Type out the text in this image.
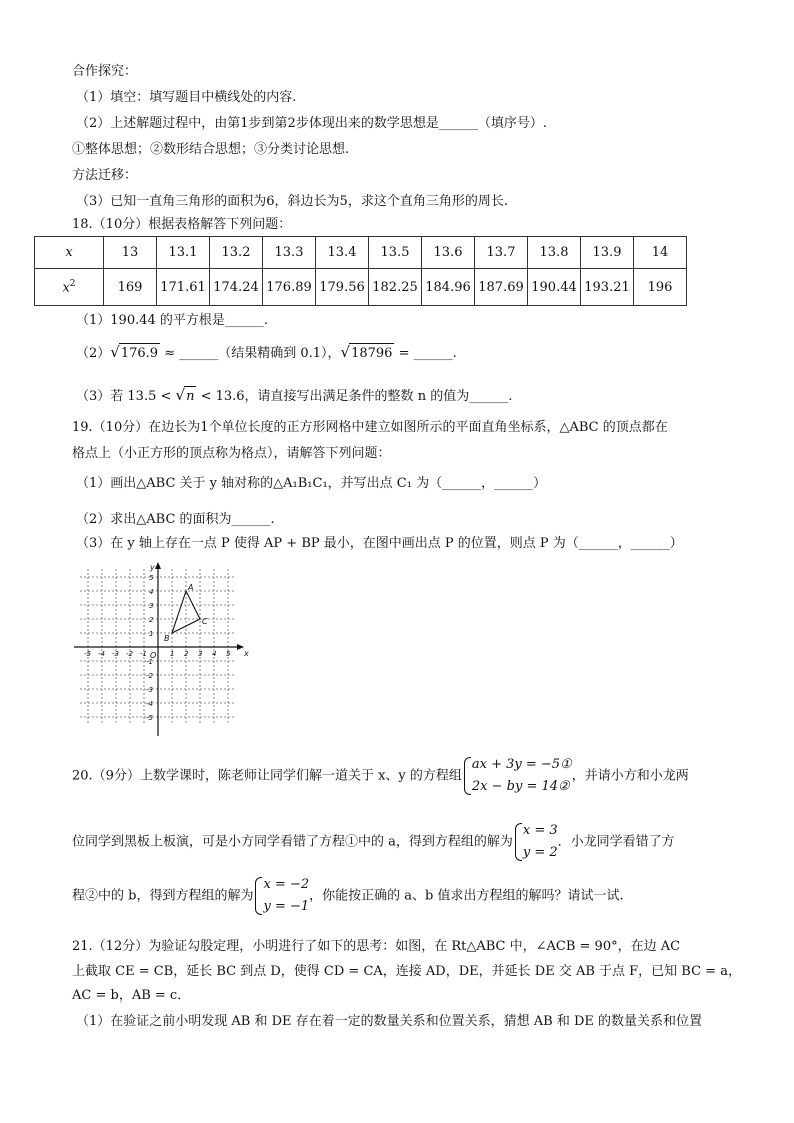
合作探究：
（1）填空：填写题目中横线处的内容.
（2）上述解题过程中，由第1步到第2步体现出来的数学思想是______（填序号）.
①整体思想；②数形结合思想；③分类讨论思想.
方法迁移：
（3）已知一直角三角形的面积为6，斜边长为5，求这个直角三角形的周长.
18.（10分）根据表格解答下列问题：
x	13	13.1	13.2	13.3	13.4	13.5	13.6	13.7	13.8	13.9	14
$x^2$	169	171.61	174.24	176.89	179.56	182.25	184.96	187.69	190.44	193.21	196
（1）190.44 的平方根是______.
（2）√176.9 ≈ ______（结果精确到 0.1），√18796 = ______.
（3）若 13.5 < √n < 13.6，请直接写出满足条件的整数 n 的值为______.
19.（10分）在边长为1个单位长度的正方形网格中建立如图所示的平面直角坐标系，△ABC 的顶点都在
格点上（小正方形的顶点称为格点），请解答下列问题：
（1）画出△ABC 关于 y 轴对称的△A₁B₁C₁，并写出点 C₁ 为（______，______）
（2）求出△ABC 的面积为______.
（3）在 y 轴上存在一点 P 使得 AP + BP 最小，在图中画出点 P 的位置，则点 P 为（______，______）
x
y
O
A
B
C
-5 -4 -3 -2 -1	1 2 3 4 5
5
4
3
2
1
-1
-2
-3
-4
-5
20.（9分）上数学课时，陈老师让同学们解一道关于 x、y 的方程组ax + 3y = −5①
2x − by = 14②，并请小方和小龙两
位同学到黑板上板演，可是小方同学看错了方程①中的 a，得到方程组的解为x = 3
y = 2．小龙同学看错了方
程②中的 b，得到方程组的解为x = −2
y = −1，你能按正确的 a、b 值求出方程组的解吗？请试一试.
21.（12分）为验证勾股定理，小明进行了如下的思考：如图，在 Rt△ABC 中，∠ACB = 90°，在边 AC
上截取 CE = CB，延长 BC 到点 D，使得 CD = CA，连接 AD，DE，并延长 DE 交 AB 于点 F，已知 BC = a，
AC = b，AB = c．
（1）在验证之前小明发现 AB 和 DE 存在着一定的数量关系和位置关系，猜想 AB 和 DE 的数量关系和位置
